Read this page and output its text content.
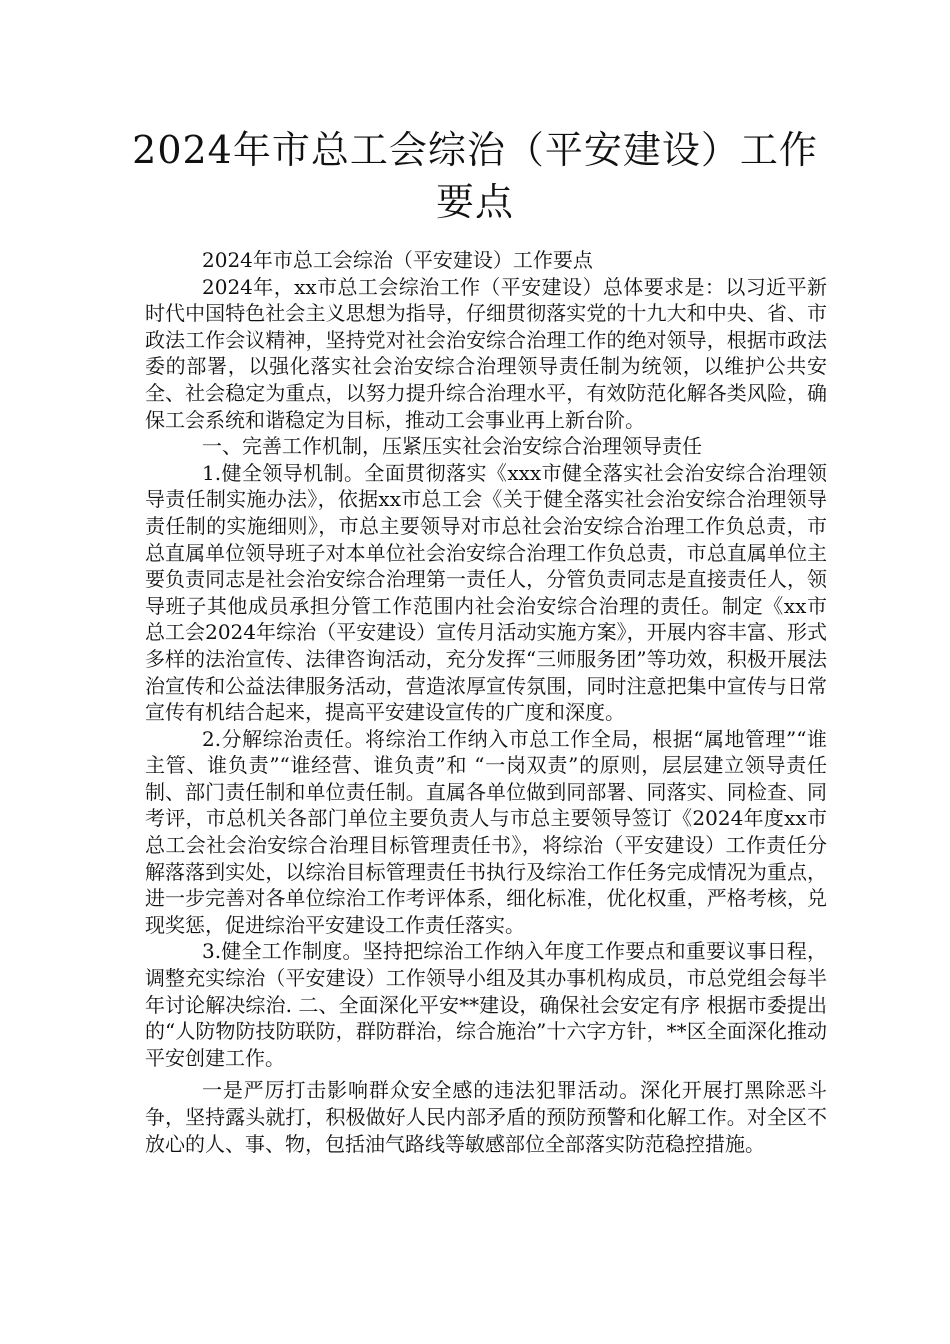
2024年市总工会综治（平安建设）工作要点

2024年市总工会综治（平安建设）工作要点

2024年，xx市总工会综治工作（平安建设）总体要求是：以习近平新时代中国特色社会主义思想为指导，仔细贯彻落实党的十九大和中央、省、市政法工作会议精神，坚持党对社会治安综合治理工作的绝对领导，根据市政法委的部署，以强化落实社会治安综合治理领导责任制为统领，以维护公共安全、社会稳定为重点，以努力提升综合治理水平，有效防范化解各类风险，确保工会系统和谐稳定为目标，推动工会事业再上新台阶。

一、完善工作机制，压紧压实社会治安综合治理领导责任

1.健全领导机制。全面贯彻落实《xxx市健全落实社会治安综合治理领导责任制实施办法》，依据xx市总工会《关于健全落实社会治安综合治理领导责任制的实施细则》，市总主要领导对市总社会治安综合治理工作负总责，市总直属单位领导班子对本单位社会治安综合治理工作负总责，市总直属单位主要负责同志是社会治安综合治理第一责任人，分管负责同志是直接责任人，领导班子其他成员承担分管工作范围内社会治安综合治理的责任。制定《xx市总工会2024年综治（平安建设）宣传月活动实施方案》，开展内容丰富、形式多样的法治宣传、法律咨询活动，充分发挥“三师服务团”等功效，积极开展法治宣传和公益法律服务活动，营造浓厚宣传氛围，同时注意把集中宣传与日常宣传有机结合起来，提高平安建设宣传的广度和深度。

2.分解综治责任。将综治工作纳入市总工作全局，根据“属地管理”“谁主管、谁负责”“谁经营、谁负责”和 “一岗双责”的原则，层层建立领导责任制、部门责任制和单位责任制。直属各单位做到同部署、同落实、同检查、同考评，市总机关各部门单位主要负责人与市总主要领导签订《2024年度xx市总工会社会治安综合治理目标管理责任书》，将综治（平安建设）工作责任分解落落到实处，以综治目标管理责任书执行及综治工作任务完成情况为重点，进一步完善对各单位综治工作考评体系，细化标准，优化权重，严格考核，兑现奖惩，促进综治平安建设工作责任落实。

3.健全工作制度。坚持把综治工作纳入年度工作要点和重要议事日程，调整充实综治（平安建设）工作领导小组及其办事机构成员，市总党组会每半年讨论解决综治. 二、全面深化平安**建设，确保社会安定有序 根据市委提出的“人防物防技防联防，群防群治，综合施治”十六字方针，**区全面深化推动平安创建工作。

一是严厉打击影响群众安全感的违法犯罪活动。深化开展打黑除恶斗争，坚持露头就打，积极做好人民内部矛盾的预防预警和化解工作。对全区不放心的人、事、物，包括油气路线等敏感部位全部落实防范稳控措施。
